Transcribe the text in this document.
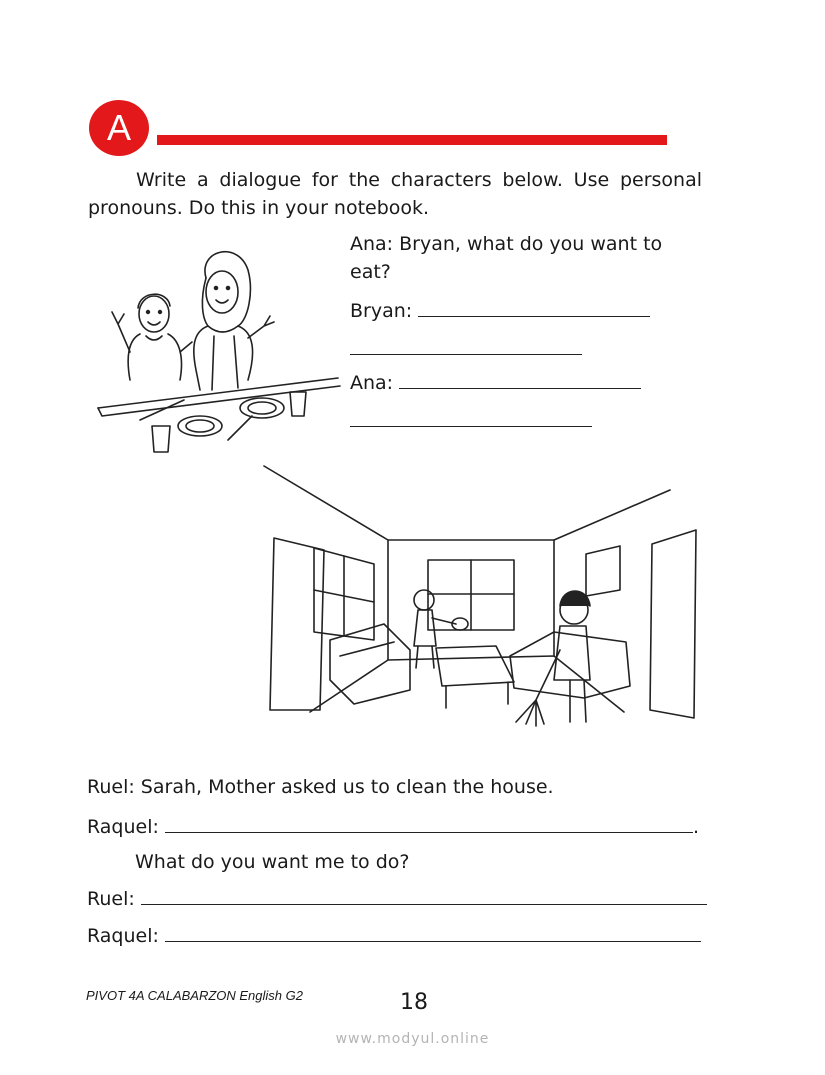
A
Write a dialogue for the characters below. Use personal pronouns. Do this in your notebook.
Ana: Bryan, what do you want to
eat?
Bryan:
Ana:
Ruel: Sarah, Mother asked us to clean the house.
Raquel:	.
What do you want me to do?
Ruel:
Raquel:
PIVOT 4A CALABARZON English G2	18
www.modyul.online
